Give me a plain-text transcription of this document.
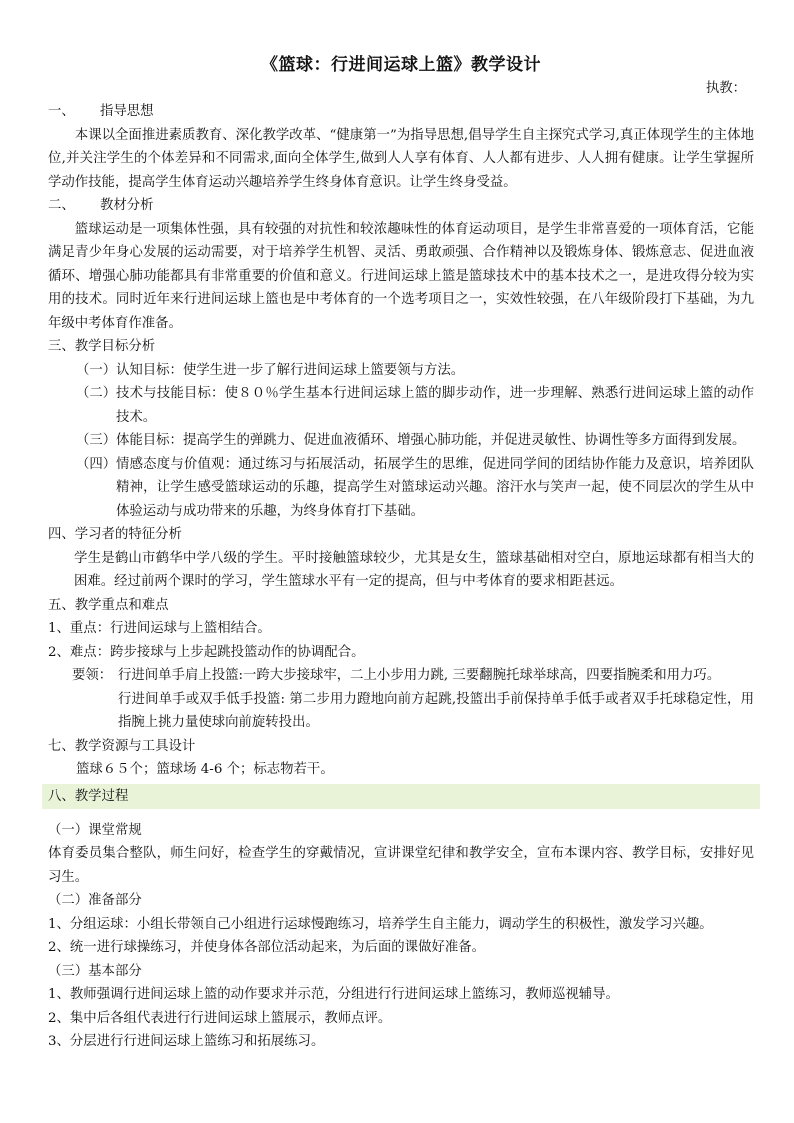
《篮球：行进间运球上篮》教学设计
执教：
一、 指导思想

本课以全面推进素质教育、深化教学改革、“健康第一”为指导思想,倡导学生自主探究式学习,真正体现学生的主体地位,并关注学生的个体差异和不同需求,面向全体学生,做到人人享有体育、人人都有进步、人人拥有健康。让学生掌握所学动作技能，提高学生体育运动兴趣培养学生终身体育意识。让学生终身受益。

二、 教材分析

篮球运动是一项集体性强，具有较强的对抗性和较浓趣味性的体育运动项目，是学生非常喜爱的一项体育活，它能满足青少年身心发展的运动需要，对于培养学生机智、灵活、勇敢顽强、合作精神以及锻炼身体、锻炼意志、促进血液循环、增强心肺功能都具有非常重要的价值和意义。行进间运球上篮是篮球技术中的基本技术之一，是进攻得分较为实用的技术。同时近年来行进间运球上篮也是中考体育的一个选考项目之一，实效性较强，在八年级阶段打下基础，为九年级中考体育作准备。

三、教学目标分析
（一） 认知目标：使学生进一步了解行进间运球上篮要领与方法。
（二） 技术与技能目标：使８０％学生基本行进间运球上篮的脚步动作，进一步理解、熟悉行进间运球上篮的动作技术。
（三） 体能目标：提高学生的弹跳力、促进血液循环、增强心肺功能，并促进灵敏性、协调性等多方面得到发展。
（四） 情感态度与价值观：通过练习与拓展活动，拓展学生的思维，促进同学间的团结协作能力及意识，培养团队精神，让学生感受篮球运动的乐趣，提高学生对篮球运动兴趣。溶汗水与笑声一起，使不同层次的学生从中体验运动与成功带来的乐趣，为终身体育打下基础。
四、学习者的特征分析

学生是鹤山市鹤华中学八级的学生。平时接触篮球较少，尤其是女生，篮球基础相对空白，原地运球都有相当大的困难。经过前两个课时的学习，学生篮球水平有一定的提高，但与中考体育的要求相距甚远。

五、教学重点和难点
1、 重点：行进间运球与上篮相结合。
2、 难点：跨步接球与上步起跳投篮动作的协调配合。
要领： 行进间单手肩上投篮:一跨大步接球牢，二上小步用力跳, 三要翻腕托球举球高，四要指腕柔和用力巧。

行进间单手或双手低手投篮: 第二步用力蹬地向前方起跳,投篮出手前保持单手低手或者双手托球稳定性，用指腕上挑力量使球向前旋转投出。

七、教学资源与工具设计

篮球６５个；篮球场 4-6 个；标志物若干。

八、教学过程
（一）课堂常规
体育委员集合整队，师生问好，检查学生的穿戴情况，宣讲课堂纪律和教学安全，宣布本课内容、教学目标，安排好见习生。
（二）准备部分
1、 分组运球：小组长带领自己小组进行运球慢跑练习，培养学生自主能力，调动学生的积极性，激发学习兴趣。
2、 统一进行球操练习，并使身体各部位活动起来，为后面的课做好准备。
（三）基本部分
1、 教师强调行进间运球上篮的动作要求并示范，分组进行行进间运球上篮练习，教师巡视辅导。
2、 集中后各组代表进行行进间运球上篮展示，教师点评。
3、 分层进行行进间运球上篮练习和拓展练习。
